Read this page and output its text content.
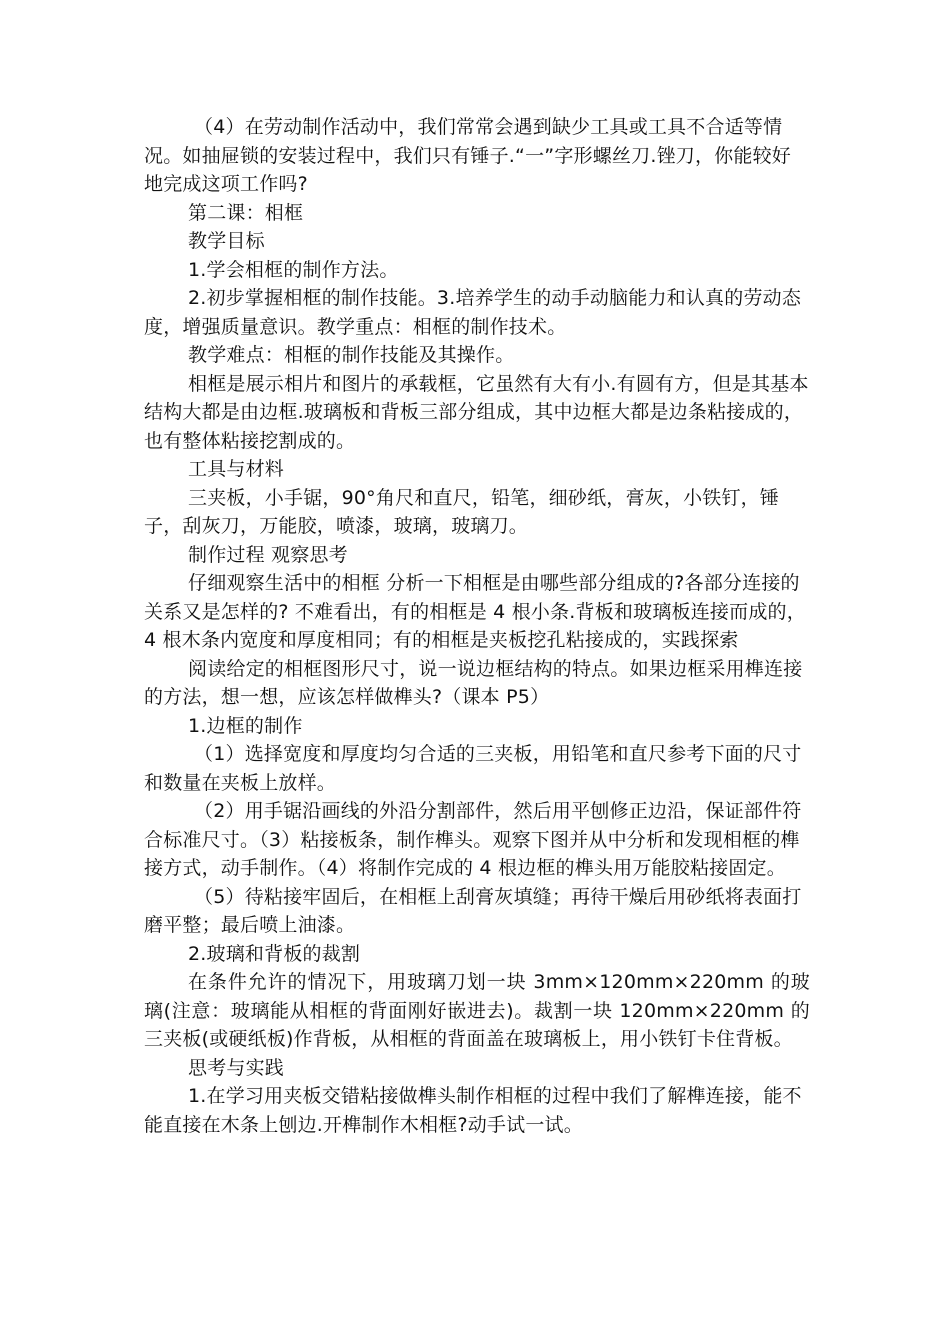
（4）在劳动制作活动中，我们常常会遇到缺少工具或工具不合适等情况。如抽屉锁的安装过程中，我们只有锤子.“一”字形螺丝刀.锉刀，你能较好地完成这项工作吗?

第二课：相框

教学目标

1.学会相框的制作方法。

2.初步掌握相框的制作技能。3.培养学生的动手动脑能力和认真的劳动态度，增强质量意识。教学重点：相框的制作技术。

教学难点：相框的制作技能及其操作。

相框是展示相片和图片的承载框，它虽然有大有小.有圆有方，但是其基本结构大都是由边框.玻璃板和背板三部分组成，其中边框大都是边条粘接成的，也有整体粘接挖割成的。

工具与材料

三夹板，小手锯，90°角尺和直尺，铅笔，细砂纸，膏灰，小铁钉，锤子，刮灰刀，万能胶，喷漆，玻璃，玻璃刀。

制作过程 观察思考

仔细观察生活中的相框 分析一下相框是由哪些部分组成的?各部分连接的关系又是怎样的? 不难看出，有的相框是 4 根小条.背板和玻璃板连接而成的，4 根木条内宽度和厚度相同；有的相框是夹板挖孔粘接成的，实践探索

阅读给定的相框图形尺寸，说一说边框结构的特点。如果边框采用榫连接的方法，想一想，应该怎样做榫头?（课本 P5）

1.边框的制作

（1）选择宽度和厚度均匀合适的三夹板，用铅笔和直尺参考下面的尺寸和数量在夹板上放样。

（2）用手锯沿画线的外沿分割部件，然后用平刨修正边沿，保证部件符合标准尺寸。（3）粘接板条，制作榫头。观察下图并从中分析和发现相框的榫接方式，动手制作。（4）将制作完成的 4 根边框的榫头用万能胶粘接固定。

（5）待粘接牢固后，在相框上刮膏灰填缝；再待干燥后用砂纸将表面打磨平整；最后喷上油漆。

2.玻璃和背板的裁割

在条件允许的情况下，用玻璃刀划一块 3mm×120mm×220mm 的玻璃(注意：玻璃能从相框的背面刚好嵌进去)。裁割一块 120mm×220mm 的三夹板(或硬纸板)作背板，从相框的背面盖在玻璃板上，用小铁钉卡住背板。

思考与实践

1.在学习用夹板交错粘接做榫头制作相框的过程中我们了解榫连接，能不能直接在木条上刨边.开榫制作木相框?动手试一试。
